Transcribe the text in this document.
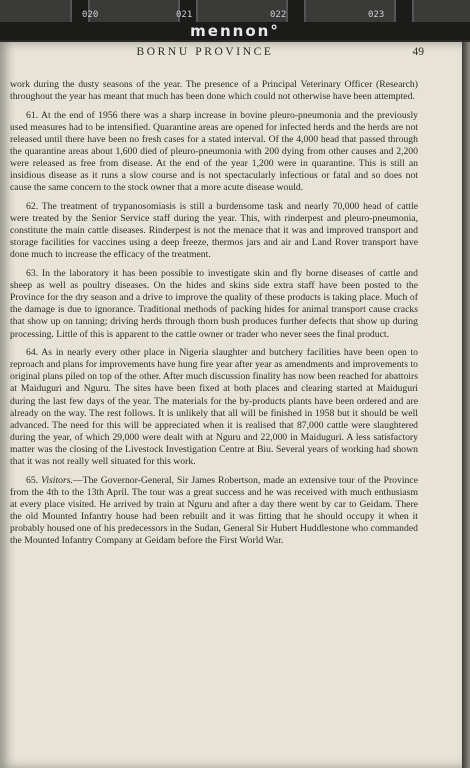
020	021	022	023
mennon°
BORNU PROVINCE	49

work during the dusty seasons of the year. The presence of a Principal Veterinary Officer (Research) throughout the year has meant that much has been done which could not otherwise have been attempted.

61. At the end of 1956 there was a sharp increase in bovine pleuro-pneumonia and the previously used measures had to be intensified. Quarantine areas are opened for infected herds and the herds are not released until there have been no fresh cases for a stated interval. Of the 4,000 head that passed through the quarantine areas about 1,600 died of pleuro-pneumonia with 200 dying from other causes and 2,200 were released as free from disease. At the end of the year 1,200 were in quarantine. This is still an insidious disease as it runs a slow course and is not spectacularly infectious or fatal and so does not cause the same concern to the stock owner that a more acute disease would.

62. The treatment of trypanosomiasis is still a burdensome task and nearly 70,000 head of cattle were treated by the Senior Service staff during the year. This, with rinderpest and pleuro-pneumonia, constitute the main cattle diseases. Rinderpest is not the menace that it was and improved transport and storage facilities for vaccines using a deep freeze, thermos jars and air and Land Rover transport have done much to increase the efficacy of the treatment.

63. In the laboratory it has been possible to investigate skin and fly borne diseases of cattle and sheep as well as poultry diseases. On the hides and skins side extra staff have been posted to the Province for the dry season and a drive to improve the quality of these products is taking place. Much of the damage is due to ignorance. Traditional methods of packing hides for animal transport cause cracks that show up on tanning; driving herds through thorn bush produces further defects that show up during processing. Little of this is apparent to the cattle owner or trader who never sees the final product.

64. As in nearly every other place in Nigeria slaughter and butchery facilities have been open to reproach and plans for improvements have hung fire year after year as amendments and improvements to original plans piled on top of the other. After much discussion finality has now been reached for abattoirs at Maiduguri and Nguru. The sites have been fixed at both places and clearing started at Maiduguri during the last few days of the year. The materials for the by-products plants have been ordered and are already on the way. The rest follows. It is unlikely that all will be finished in 1958 but it should be well advanced. The need for this will be appreciated when it is realised that 87,000 cattle were slaughtered during the year, of which 29,000 were dealt with at Nguru and 22,000 in Maiduguri. A less satisfactory matter was the closing of the Livestock Investigation Centre at Biu. Several years of working had shown that it was not really well situated for this work.

65. Visitors.—The Governor-General, Sir James Robertson, made an extensive tour of the Province from the 4th to the 13th April. The tour was a great success and he was received with much enthusiasm at every place visited. He arrived by train at Nguru and after a day there went by car to Geidam. There the old Mounted Infantry house had been rebuilt and it was fitting that he should occupy it when it probably housed one of his predecessors in the Sudan, General Sir Hubert Huddlestone who commanded the Mounted Infantry Company at Geidam before the First World War.
